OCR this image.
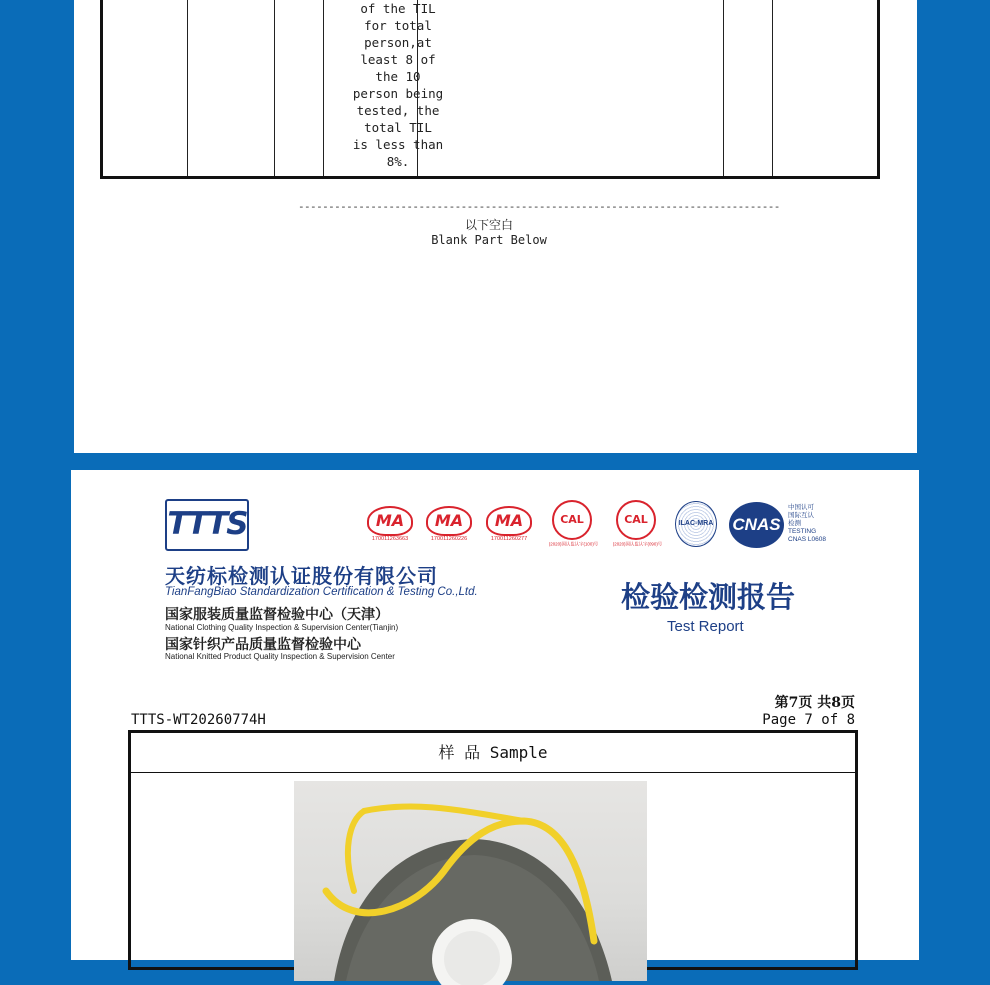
of the TIL
for total
person,at
least 8 of
the 10
person being
tested, the
total TIL
is less than
8%.
--------------------------------------------------------------------------------
以下空白
Blank Part Below
TTTS
天纺标检测认证股份有限公司
TianFangBiao Standardization Certification & Testing Co.,Ltd.
国家服装质量监督检验中心（天津）
National Clothing Quality Inspection & Supervision Center(Tianjin)
国家针织产品质量监督检验中心
National Knitted Product Quality Inspection & Supervision Center
MA
170011263663
MA
170011260226
MA
170011260277
CAL
(2020)国认监认字(100)号
CAL
(2020)国认监认字(090)号
ILAC-MRA CNAS
中国认可
国际互认
检测
TESTING
CNAS L0608
检验检测报告
Test Report
第7页 共8页
TTTS-WT20260774H	Page 7 of 8
样 品 Sample
